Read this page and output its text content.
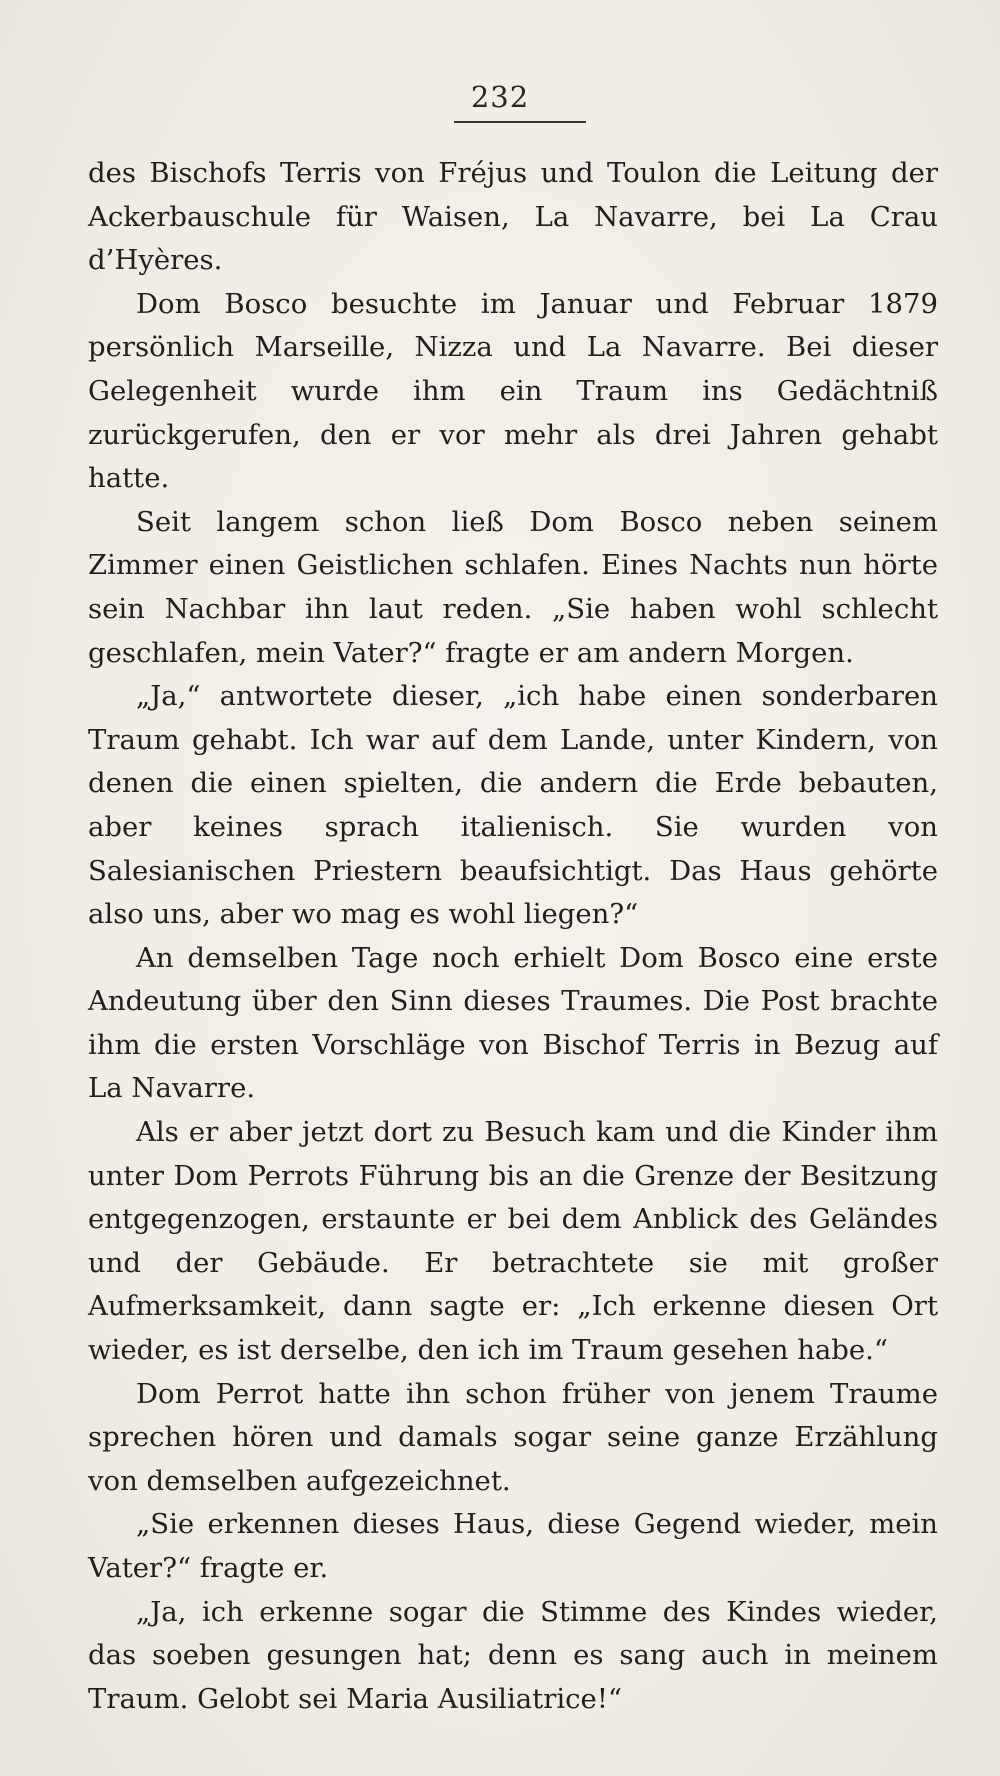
232

des Bischofs Terris von Fréjus und Toulon die Leitung der Ackerbauschule für Waisen, La Navarre, bei La Crau d’Hyères.

Dom Bosco besuchte im Januar und Februar 1879 persönlich Marseille, Nizza und La Navarre. Bei dieser Gelegenheit wurde ihm ein Traum ins Gedächtniß zurückgerufen, den er vor mehr als drei Jahren gehabt hatte.

Seit langem schon ließ Dom Bosco neben seinem Zimmer einen Geistlichen schlafen. Eines Nachts nun hörte sein Nachbar ihn laut reden. „Sie haben wohl schlecht geschlafen, mein Vater?“ fragte er am andern Morgen.

„Ja,“ antwortete dieser, „ich habe einen sonderbaren Traum gehabt. Ich war auf dem Lande, unter Kindern, von denen die einen spielten, die andern die Erde bebauten, aber keines sprach italienisch. Sie wurden von Salesianischen Priestern beaufsichtigt. Das Haus gehörte also uns, aber wo mag es wohl liegen?“

An demselben Tage noch erhielt Dom Bosco eine erste Andeutung über den Sinn dieses Traumes. Die Post brachte ihm die ersten Vorschläge von Bischof Terris in Bezug auf La Navarre.

Als er aber jetzt dort zu Besuch kam und die Kinder ihm unter Dom Perrots Führung bis an die Grenze der Besitzung entgegenzogen, erstaunte er bei dem Anblick des Geländes und der Gebäude. Er betrachtete sie mit großer Aufmerksamkeit, dann sagte er: „Ich erkenne diesen Ort wieder, es ist derselbe, den ich im Traum gesehen habe.“

Dom Perrot hatte ihn schon früher von jenem Traume sprechen hören und damals sogar seine ganze Erzählung von demselben aufgezeichnet.

„Sie erkennen dieses Haus, diese Gegend wieder, mein Vater?“ fragte er.

„Ja, ich erkenne sogar die Stimme des Kindes wieder, das soeben gesungen hat; denn es sang auch in meinem Traum. Gelobt sei Maria Ausiliatrice!“
